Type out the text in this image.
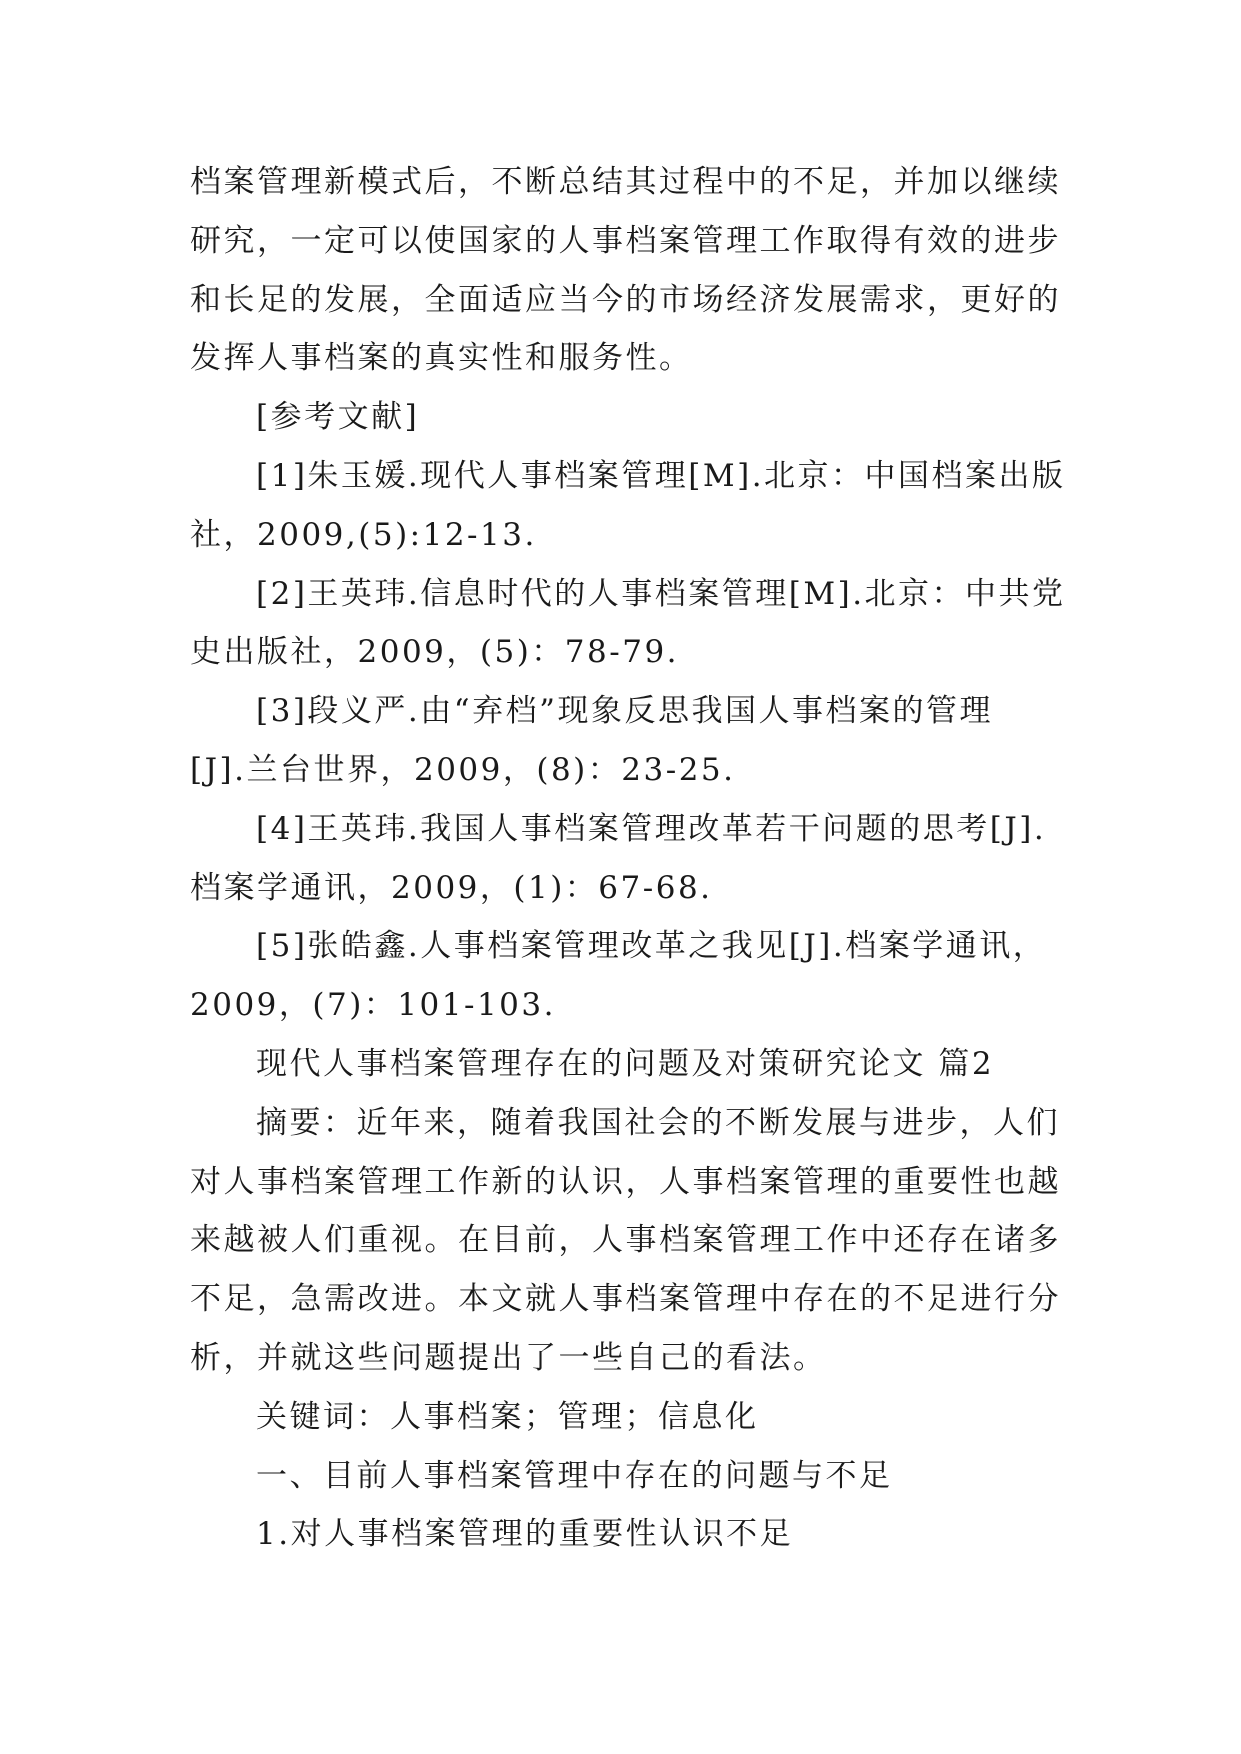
档案管理新模式后，不断总结其过程中的不足，并加以继续
研究，一定可以使国家的人事档案管理工作取得有效的进步
和长足的发展，全面适应当今的市场经济发展需求，更好的
发挥人事档案的真实性和服务性。
[参考文献]
[1]朱玉媛.现代人事档案管理[M].北京：中国档案出版
社，2009,(5):12-13.
[2]王英玮.信息时代的人事档案管理[M].北京：中共党
史出版社，2009，(5)：78-79.
[3]段义严.由“弃档”现象反思我国人事档案的管理
[J].兰台世界，2009，(8)：23-25.
[4]王英玮.我国人事档案管理改革若干问题的思考[J].
档案学通讯，2009，(1)：67-68.
[5]张皓鑫.人事档案管理改革之我见[J].档案学通讯，
2009，(7)：101-103.
现代人事档案管理存在的问题及对策研究论文 篇2
摘要：近年来，随着我国社会的不断发展与进步，人们
对人事档案管理工作新的认识，人事档案管理的重要性也越
来越被人们重视。在目前，人事档案管理工作中还存在诸多
不足，急需改进。本文就人事档案管理中存在的不足进行分
析，并就这些问题提出了一些自己的看法。
关键词：人事档案；管理；信息化
一、目前人事档案管理中存在的问题与不足
1.对人事档案管理的重要性认识不足
